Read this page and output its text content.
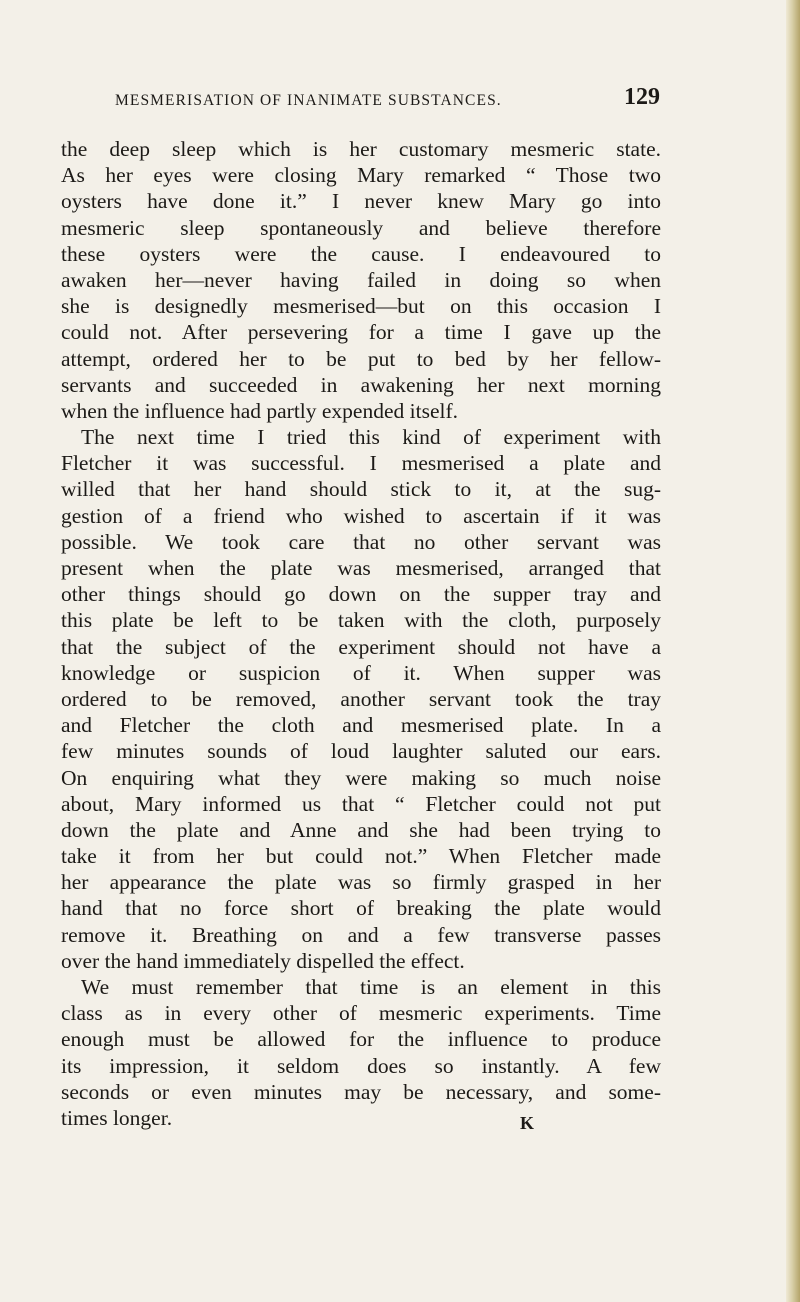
MESMERISATION OF INANIMATE SUBSTANCES.	129
the deep sleep which is her customary mesmeric state.
As her eyes were closing Mary remarked “ Those two
oysters have done it.” I never knew Mary go into
mesmeric sleep spontaneously and believe therefore
these oysters were the cause. I endeavoured to
awaken her—never having failed in doing so when
she is designedly mesmerised—but on this occasion I
could not. After persevering for a time I gave up the
attempt, ordered her to be put to bed by her fellow-
servants and succeeded in awakening her next morning
when the influence had partly expended itself.
The next time I tried this kind of experiment with
Fletcher it was successful. I mesmerised a plate and
willed that her hand should stick to it, at the sug-
gestion of a friend who wished to ascertain if it was
possible. We took care that no other servant was
present when the plate was mesmerised, arranged that
other things should go down on the supper tray and
this plate be left to be taken with the cloth, purposely
that the subject of the experiment should not have a
knowledge or suspicion of it. When supper was
ordered to be removed, another servant took the tray
and Fletcher the cloth and mesmerised plate. In a
few minutes sounds of loud laughter saluted our ears.
On enquiring what they were making so much noise
about, Mary informed us that “ Fletcher could not put
down the plate and Anne and she had been trying to
take it from her but could not.” When Fletcher made
her appearance the plate was so firmly grasped in her
hand that no force short of breaking the plate would
remove it. Breathing on and a few transverse passes
over the hand immediately dispelled the effect.
We must remember that time is an element in this
class as in every other of mesmeric experiments. Time
enough must be allowed for the influence to produce
its impression, it seldom does so instantly. A few
seconds or even minutes may be necessary, and some-
times longer.	K
